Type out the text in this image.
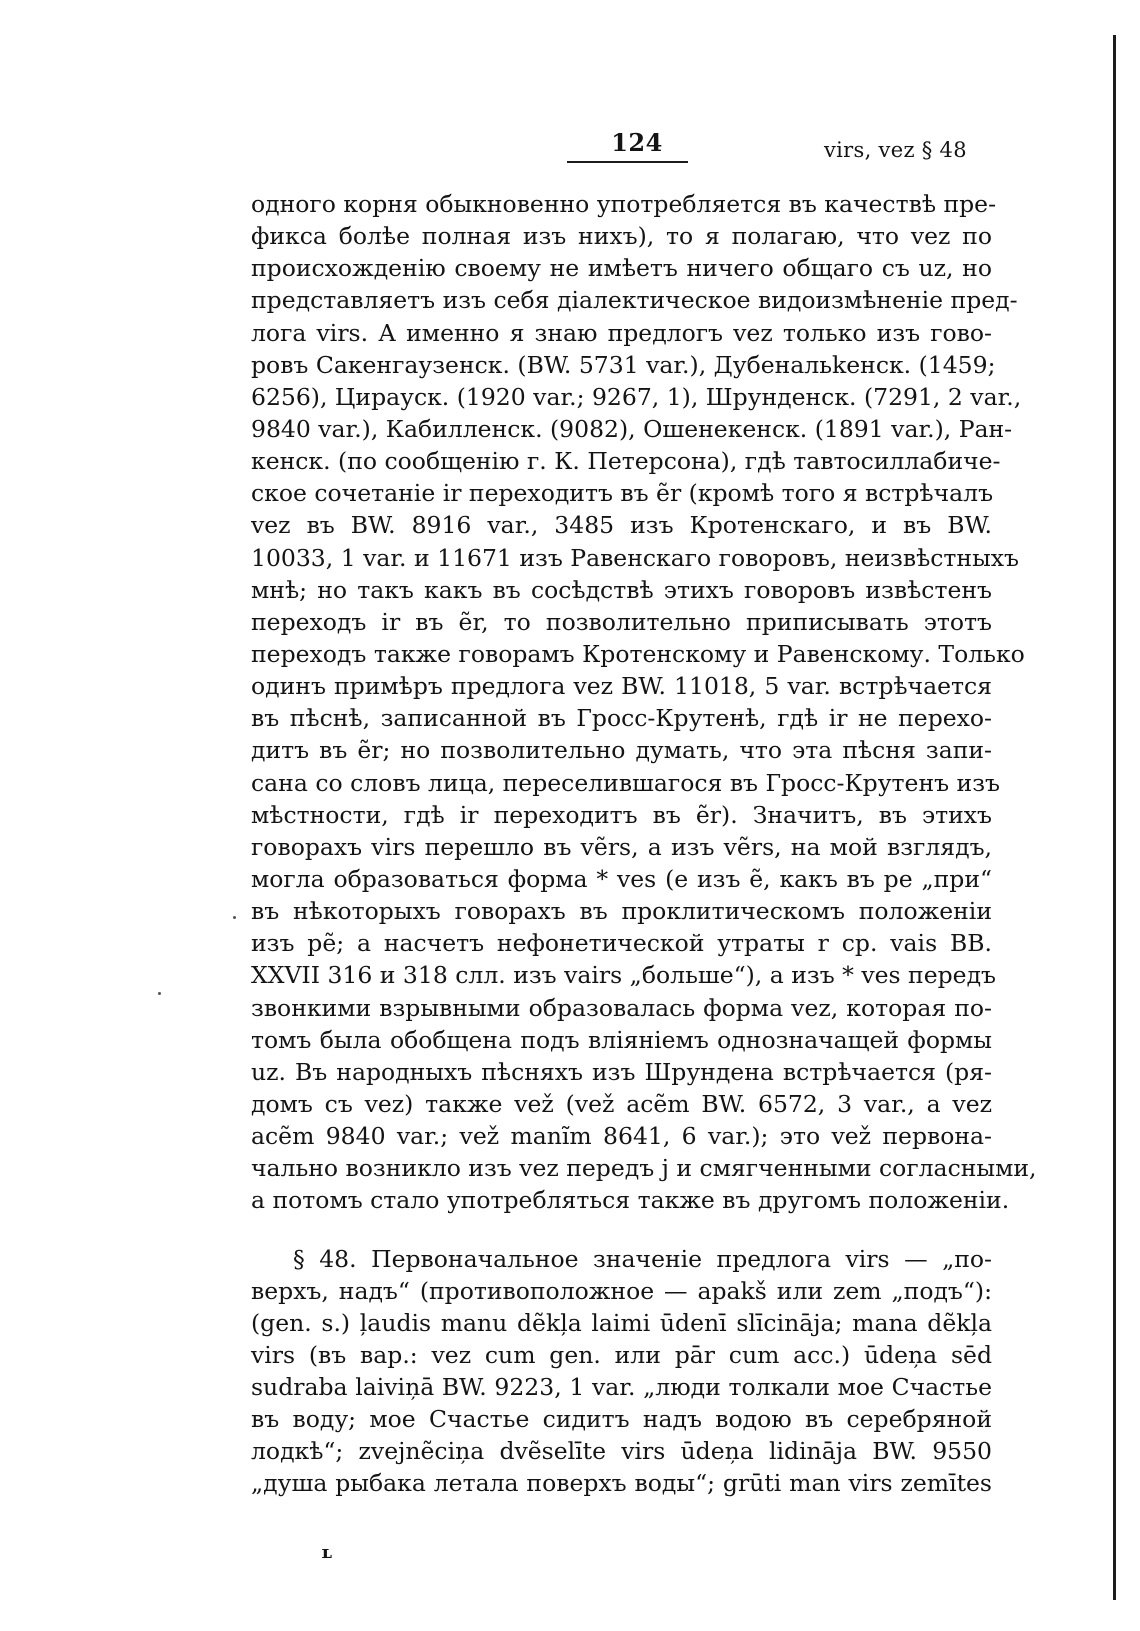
124	virs, vez § 48
одного корня обыкновенно употребляется въ качествѣ пре-
фикса болѣе полная изъ нихъ), то я полагаю, что vez по
происхожденію своему не имѣетъ ничего общаго съ uz, но
представляетъ изъ себя діалектическое видоизмѣненіе пред-
лога virs. А именно я знаю предлогъ vez только изъ гово-
ровъ Сакенгаузенск. (BW. 5731 var.), Дубенальkенск. (1459;
6256), Цирауск. (1920 var.; 9267, 1), Шрунденск. (7291, 2 var.,
9840 var.), Кабилленск. (9082), Ошенекенск. (1891 var.), Ран-
кенск. (по сообщенію г. К. Петерсона), гдѣ тавтосиллабиче-
ское сочетаніе ir переходитъ въ ẽr (кромѣ того я встрѣчалъ
vez въ BW. 8916 var., 3485 изъ Кротенскаго, и въ BW.
10033, 1 var. и 11671 изъ Равенскаго говоровъ, неизвѣстныхъ
мнѣ; но такъ какъ въ сосѣдствѣ этихъ говоровъ извѣстенъ
переходъ ir въ ẽr, то позволительно приписывать этотъ
переходъ также говорамъ Кротенскому и Равенскому. Только
одинъ примѣръ предлога vez BW. 11018, 5 var. встрѣчается
въ пѣснѣ, записанной въ Гросс-Крутенѣ, гдѣ ir не перехо-
дитъ въ ẽr; но позволительно думать, что эта пѣсня запи-
сана со словъ лица, переселившагося въ Гросс-Крутенъ изъ
мѣстности, гдѣ ir переходитъ въ ẽr). Значитъ, въ этихъ
говорахъ virs перешло въ vẽrs, а изъ vẽrs, на мой взглядъ,
могла образоваться форма * ves (e изъ ẽ, какъ въ pe „при“
въ нѣкоторыхъ говорахъ въ проклитическомъ положеніи
изъ pẽ; а насчетъ нефонетической утраты r ср. vais BB.
XXVII 316 и 318 слл. изъ vairs „больше“), а изъ * ves передъ
звонкими взрывными образовалась форма vez, которая по-
томъ была обобщена подъ вліяніемъ однозначащей формы
uz. Въ народныхъ пѣсняхъ изъ Шрундена встрѣчается (ря-
домъ съ vez) также vež (vež acẽm BW. 6572, 3 var., а vez
acẽm 9840 var.; vež manĩm 8641, 6 var.); это vež первона-
чально возникло изъ vez передъ j и смягченными согласными,
а потомъ стало употребляться также въ другомъ положеніи.
§ 48. Первоначальное значеніе предлога virs — „по-
верхъ, надъ“ (противоположное — apakš или zem „подъ“):
(gen. s.) ļaudis manu dẽkļa laimi ūdenī slīcināja; mana dẽkļa
virs (въ вар.: vez cum gen. или pār cum acc.) ūdeņa sēd
sudraba laiviņā BW. 9223, 1 var. „люди толкали мое Счастье
въ воду; мое Счастье сидитъ надъ водою въ серебряной
лодкѣ“; zvejnẽciņa dvẽselīte virs ūdeņa lidināja BW. 9550
„душа рыбака летала поверхъ воды“; grūti man virs zemītes
ʟ
